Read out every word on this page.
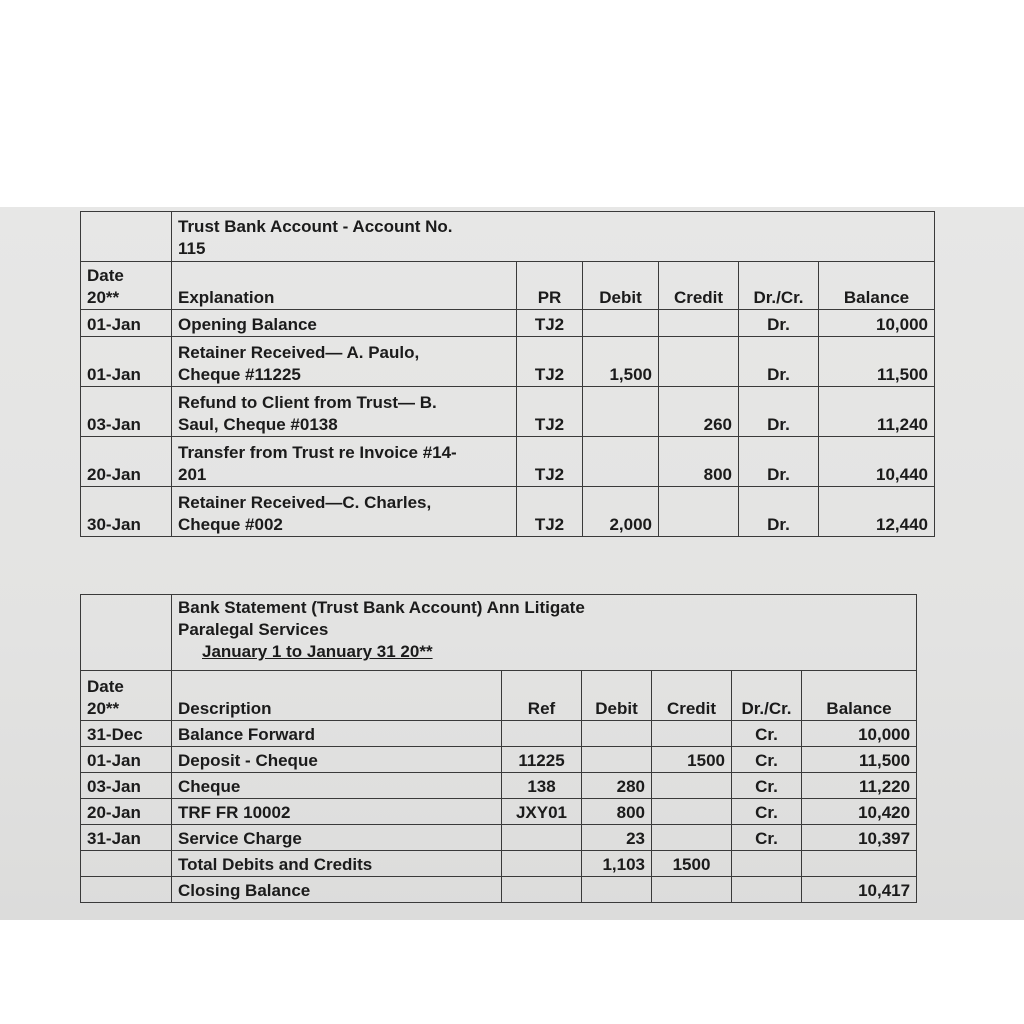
	Trust Bank Account - Account No.
115					

Date
20**	Explanation	PR	Debit	Credit	Dr./Cr.	Balance
01-Jan	Opening Balance	TJ2			Dr.	10,000
01-Jan	Retainer Received— A. Paulo,
Cheque #11225	TJ2	1,500		Dr.	11,500
03-Jan	Refund to Client from Trust— B.
Saul, Cheque #0138	TJ2		260	Dr.	11,240
20-Jan	Transfer from Trust re Invoice #14-
201	TJ2		800	Dr.	10,440
30-Jan	Retainer Received—C. Charles,
Cheque #002	TJ2	2,000		Dr.	12,440

	Bank Statement (Trust Bank Account) Ann Litigate
Paralegal Services
January 1 to January 31 20**					

Date
20**	Description	Ref	Debit	Credit	Dr./Cr.	Balance
31-Dec	Balance Forward				Cr.	10,000
01-Jan	Deposit - Cheque	11225		1500	Cr.	11,500
03-Jan	Cheque	138	280		Cr.	11,220
20-Jan	TRF FR 10002	JXY01	800		Cr.	10,420
31-Jan	Service Charge		23		Cr.	10,397
	Total Debits and Credits		1,103	1500		
	Closing Balance					10,417
